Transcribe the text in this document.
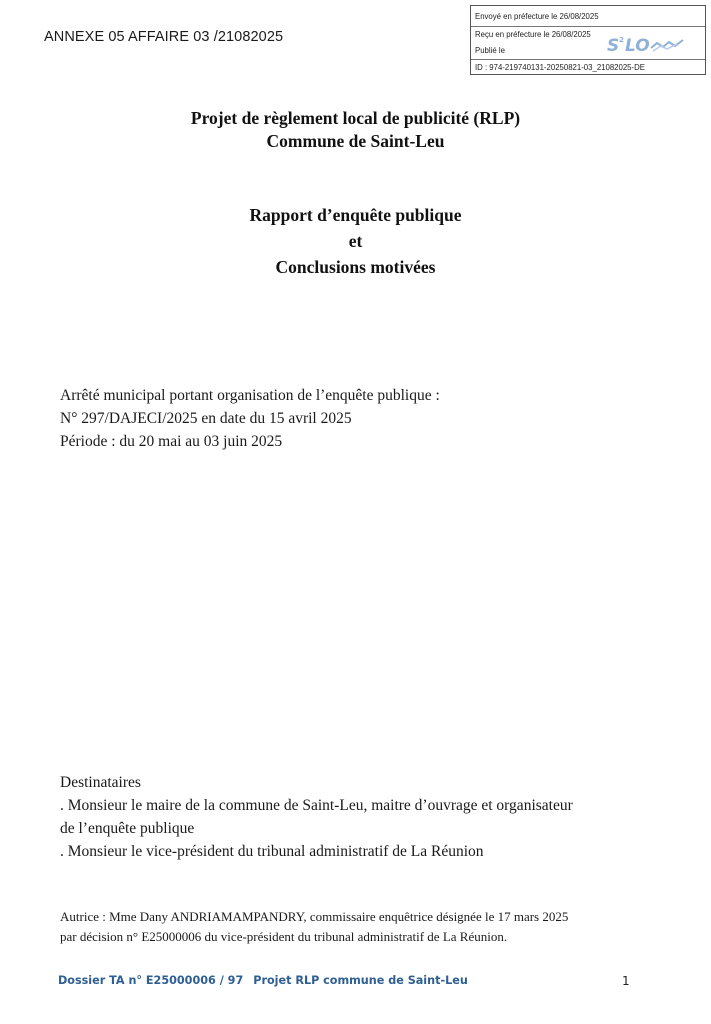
ANNEXE 05 AFFAIRE 03 /21082025
Envoyé en préfecture le 26/08/2025
Reçu en préfecture le 26/08/2025
Publié le
ID : 974-219740131-20250821-03_21082025-DE
S 2 LO
Projet de règlement local de publicité (RLP)
Commune de Saint-Leu
Rapport d’enquête publique
et
Conclusions motivées
Arrêté municipal portant organisation de l’enquête publique :
N° 297/DAJECI/2025 en date du 15 avril 2025
Période : du 20 mai au 03 juin 2025
Destinataires
. Monsieur le maire de la commune de Saint-Leu, maitre d’ouvrage et organisateur
de l’enquête publique
. Monsieur le vice-président du tribunal administratif de La Réunion
Autrice : Mme Dany ANDRIAMAMPANDRY, commissaire enquêtrice désignée le 17 mars 2025
par décision n° E25000006 du vice-président du tribunal administratif de La Réunion.
Dossier TA n° E25000006 / 97 Projet RLP commune de Saint-Leu	1
